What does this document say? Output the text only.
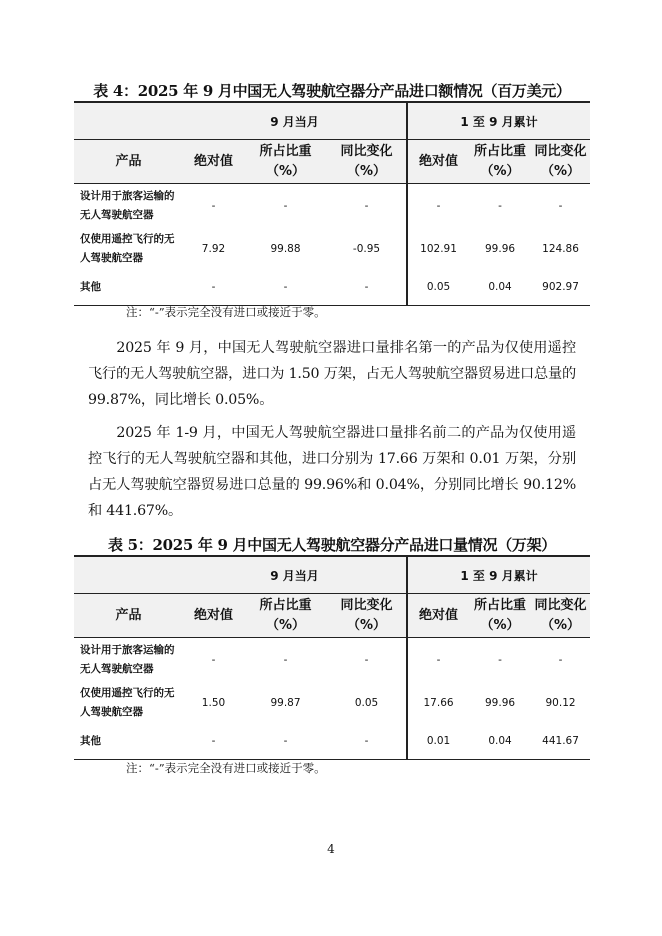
表 4：2025 年 9 月中国无人驾驶航空器分产品进口额情况（百万美元）
	9 月当月			1 至 9 月累计		
产品	绝对值	所占比重（%）	同比变化（%）	绝对值	所占比重（%）	同比变化（%）
设计用于旅客运输的无人驾驶航空器	-	-	-	-	-	-
仅使用遥控飞行的无人驾驶航空器	7.92	99.88	-0.95	102.91	99.96	124.86
其他	-	-	-	0.05	0.04	902.97
注：“-”表示完全没有进口或接近于零。

2025 年 9 月，中国无人驾驶航空器进口量排名第一的产品为仅使用遥控飞行的无人驾驶航空器，进口为 1.50 万架，占无人驾驶航空器贸易进口总量的 99.87%，同比增长 0.05%。

2025 年 1-9 月，中国无人驾驶航空器进口量排名前二的产品为仅使用遥控飞行的无人驾驶航空器和其他，进口分别为 17.66 万架和 0.01 万架，分别占无人驾驶航空器贸易进口总量的 99.96%和 0.04%，分别同比增长 90.12%和 441.67%。

表 5：2025 年 9 月中国无人驾驶航空器分产品进口量情况（万架）
	9 月当月			1 至 9 月累计		
产品	绝对值	所占比重（%）	同比变化（%）	绝对值	所占比重（%）	同比变化（%）
设计用于旅客运输的无人驾驶航空器	-	-	-	-	-	-
仅使用遥控飞行的无人驾驶航空器	1.50	99.87	0.05	17.66	99.96	90.12
其他	-	-	-	0.01	0.04	441.67
注：“-”表示完全没有进口或接近于零。
4
